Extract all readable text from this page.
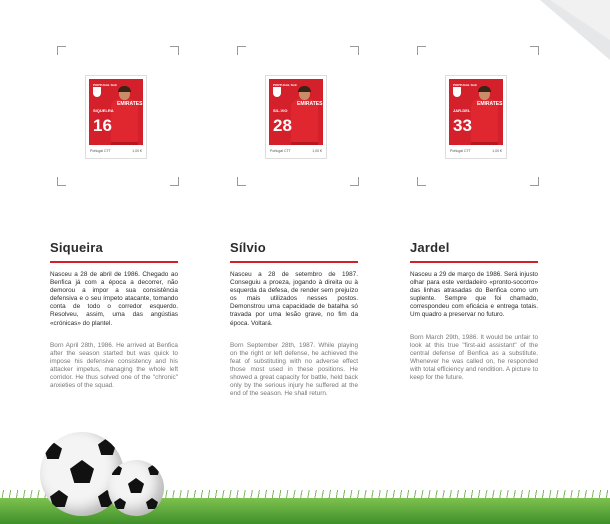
PORTUGAL SLB
EMIRATES
SIQUEI-RA
16
Portugal CTT	1,00 €
PORTUGAL SLB
EMIRATES
SIL-VIO
28
Portugal CTT	1,00 €
PORTUGAL SLB
EMIRATES
JAR-DEL
33
Portugal CTT	1,00 €
Siqueira

Nasceu a 28 de abril de 1986. Chegado ao Benfica já com a época a decorrer, não demorou a impor a sua consistência defensiva e o seu ímpeto atacante, tomando conta de todo o corredor esquerdo. Resolveu, assim, uma das angústias «crónicas» do plantel.

Born April 28th, 1986. He arrived at Benfica after the season started but was quick to impose his defensive consistency and his attacker impetus, managing the whole left corridor. He thus solved one of the "chronic" anxieties of the squad.

Sílvio

Nasceu a 28 de setembro de 1987. Conseguiu a proeza, jogando à direita ou à esquerda da defesa, de render sem prejuízo os mais utilizados nesses postos. Demonstrou uma capacidade de batalha só travada por uma lesão grave, no fim da época. Voltará.

Born September 28th, 1987. While playing on the right or left defense, he achieved the feat of substituting with no adverse effect those most used in these positions. He showed a great capacity for battle, held back only by the serious injury he suffered at the end of the season. He shall return.

Jardel

Nasceu a 29 de março de 1986. Será injusto olhar para este verdadeiro «pronto-socorro» das linhas atrasadas do Benfica como um suplente. Sempre que foi chamado, correspondeu com eficácia e entrega totais. Um quadro a preservar no futuro.

Born March 29th, 1986. It would be unfair to look at this true "first-aid assistant" of the central defense of Benfica as a substitute. Whenever he was called on, he responded with total efficiency and rendition. A picture to keep for the future.
